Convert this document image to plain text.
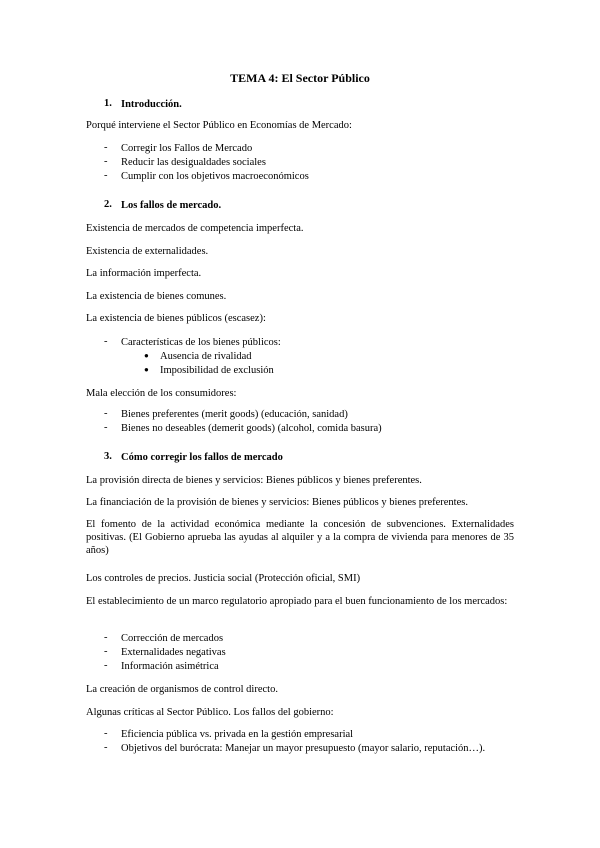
TEMA 4: El Sector Público
1. Introducción.
Porqué interviene el Sector Público en Economías de Mercado:
- Corregir los Fallos de Mercado
- Reducir las desigualdades sociales
- Cumplir con los objetivos macroeconómicos
2. Los fallos de mercado.
Existencia de mercados de competencia imperfecta.
Existencia de externalidades.
La información imperfecta.
La existencia de bienes comunes.
La existencia de bienes públicos (escasez):
- Características de los bienes públicos:
● Ausencia de rivalidad
● Imposibilidad de exclusión
Mala elección de los consumidores:
- Bienes preferentes (merit goods) (educación, sanidad)
- Bienes no deseables (demerit goods) (alcohol, comida basura)
3. Cómo corregir los fallos de mercado
La provisión directa de bienes y servicios: Bienes públicos y bienes preferentes.
La financiación de la provisión de bienes y servicios: Bienes públicos y bienes preferentes.
El fomento de la actividad económica mediante la concesión de subvenciones. Externalidades positivas. (El Gobierno aprueba las ayudas al alquiler y a la compra de vivienda para menores de 35 años)
Los controles de precios. Justicia social (Protección oficial, SMI)
El establecimiento de un marco regulatorio apropiado para el buen funcionamiento de los mercados:
- Corrección de mercados
- Externalidades negativas
- Información asimétrica
La creación de organismos de control directo.
Algunas críticas al Sector Público. Los fallos del gobierno:
- Eficiencia pública vs. privada en la gestión empresarial
- Objetivos del burócrata: Manejar un mayor presupuesto (mayor salario, reputación…).
